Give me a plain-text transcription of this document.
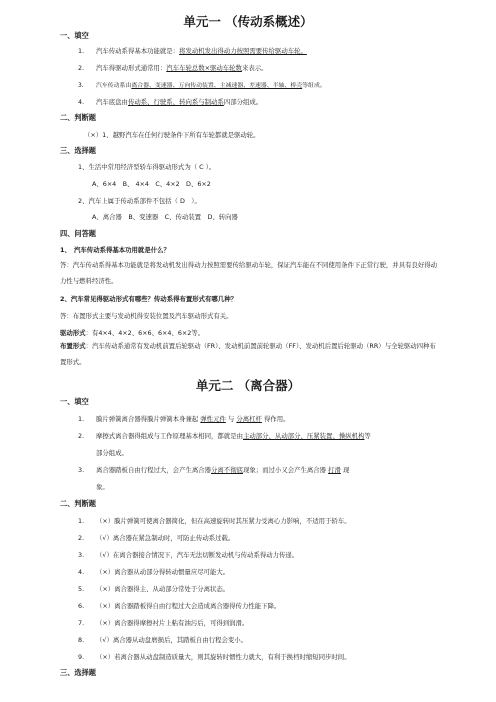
单元一 （传动系概述）

一、填空

1. 汽车传动系得基本功能就是：将发动机发出得动力按照需要传给驱动车轮。

2. 汽车得驱动形式通常用：汽车车轮总数×驱动车轮数来表示。

3. 汽车传动系由离合器、变速器、万向传动装置、主减速器、差速器、半轴、桥壳等组成。

4. 汽车底盘由传动系、行驶系、转向系与制动系四部分组成。

二、判断题

（×）1、越野汽车在任何行驶条件下所有车轮都就是驱动轮。

三、选择题

1、生活中常用经济型轿车得驱动形式为（ C ）。

A、6×4　B、 4×4　C、4×2　D、6×2

2、汽车上属于传动系部件不包括（ D　）。

A、离合器　B、变速器　C、传动装置　D、转向器

四、问答题

1、　汽车传动系得基本功用就是什么？

答：汽车传动系得基本功能就是将发动机发出得动力按照需要传给驱动车轮，保证汽车能在不同使用条件下正常行驶，并具有良好得动力性与燃料经济性。

2、汽车常见得驱动形式有哪些？传动系得布置形式有哪几种？

答：布置形式主要与发动机得安装位置及汽车驱动形式有关。

驱动形式：有4×4、4×2、6×6、6×4、6×2等。

布置形式：汽车传动系通常有发动机前置后轮驱动（FR）、发动机前置前轮驱动（FF）、发动机后置后轮驱动（RR）与全轮驱动四种布置形式。

单元二 （离合器）

一、填空

1. 膜片弹簧离合器得膜片弹簧本身兼起 弹性元件 与 分离杠杆 得作用。

2. 摩擦式离合器得组成与工作原理基本相同，都就是由主动部分、从动部分、压紧装置、操纵机构等

部分组成。

3. 离合器踏板自由行程过大，会产生离合器分离不彻底现象；而过小又会产生离合器 打滑 现

象。

二、判断题

1. （×）膜片弹簧可使离合器简化，但在高速旋转时其压紧力受离心力影响，不适用于轿车。

2. （√）离合器在紧急制动时，可防止传动系过载。

3. （√）在离合器接合情况下，汽车无法切断发动机与传动系得动力传递。

4. （×）离合器从动部分得转动惯量应尽可能大。

5. （×）离合器得主、从动部分常处于分离状态。

6. （×）离合器踏板得自由行程过大会造成离合器得传力性能下降。

7. （×）离合器得摩擦衬片上粘有油污后，可得到润滑。

8. （√）离合器从动盘磨损后，其踏板自由行程会变小。

9. （×）若离合器从动盘制造质量大，则其旋转时惯性力就大，有利于换档时缩短同步时间。

三、选择题
